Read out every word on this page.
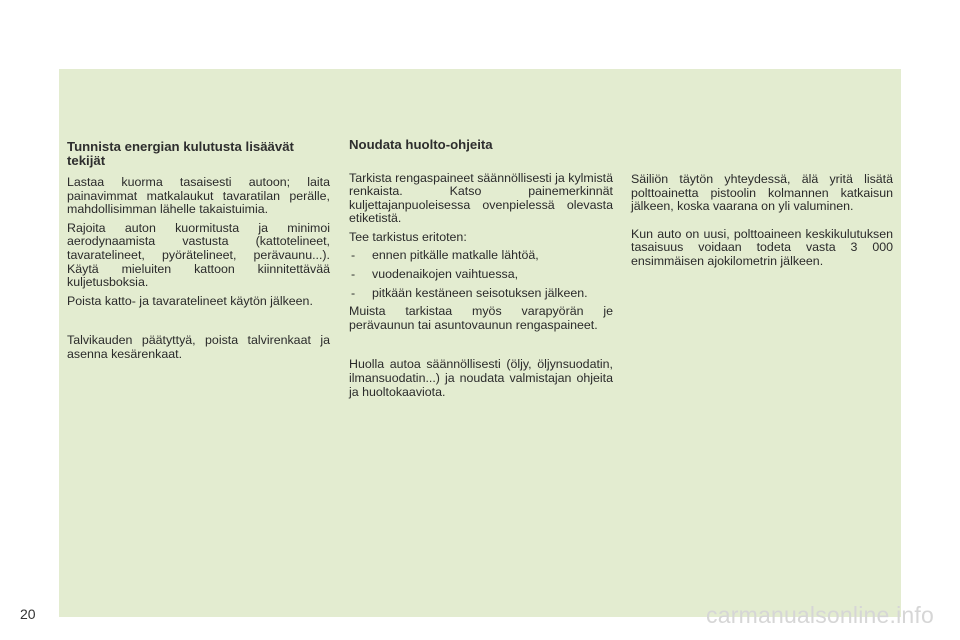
Tunnista energian kulutusta lisäävät tekijät

Lastaa kuorma tasaisesti autoon; laita painavimmat matkalaukut tavaratilan perälle, mahdollisimman lähelle takaistuimia.

Rajoita auton kuormitusta ja minimoi aerodynaamista vastusta (kattotelineet, tavaratelineet, pyörätelineet, perävaunu...). Käytä mieluiten kattoon kiinnitettävää kuljetusboksia.

Poista katto- ja tavaratelineet käytön jälkeen.

Talvikauden päätyttyä, poista talvirenkaat ja asenna kesärenkaat.

Noudata huolto-ohjeita

Tarkista rengaspaineet säännöllisesti ja kylmistä renkaista. Katso painemerkinnät kuljettajanpuoleisessa ovenpielessä olevasta etiketistä.

Tee tarkistus eritoten:

- ennen pitkälle matkalle lähtöä,
- vuodenaikojen vaihtuessa,
- pitkään kestäneen seisotuksen jälkeen.

Muista tarkistaa myös varapyörän je perävaunun tai asuntovaunun rengaspaineet.

Huolla autoa säännöllisesti (öljy, öljynsuodatin, ilmansuodatin...) ja noudata valmistajan ohjeita ja huoltokaaviota.

Säiliön täytön yhteydessä, älä yritä lisätä polttoainetta pistoolin kolmannen katkaisun jälkeen, koska vaarana on yli valuminen.

Kun auto on uusi, polttoaineen keskikulutuksen tasaisuus voidaan todeta vasta 3 000 ensimmäisen ajokilometrin jälkeen.

20	carmanualsonline.info
